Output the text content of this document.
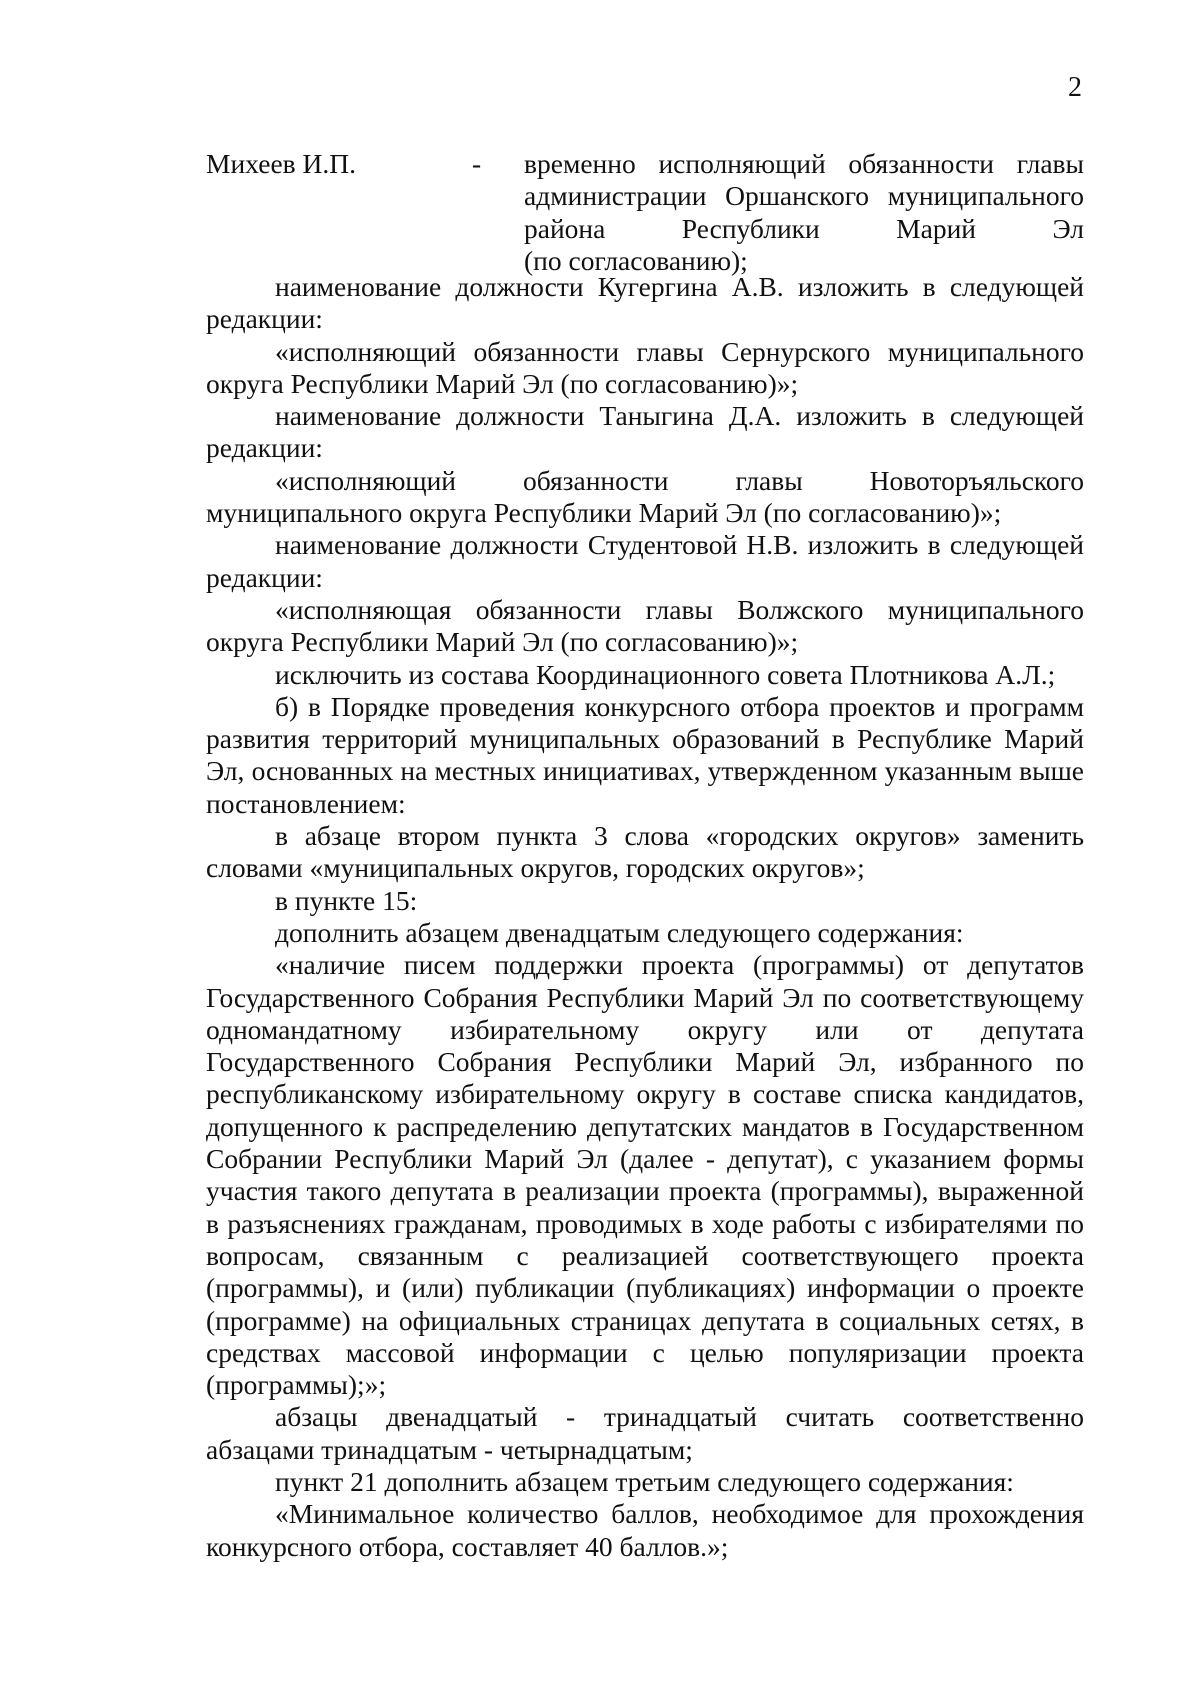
2
Михеев И.П.	- временно исполняющий обязанности главы
администрации Оршанского муниципального
района Республики Марий Эл
(по согласованию);

наименование должности Кугергина А.В. изложить в следующей редакции:

«исполняющий обязанности главы Сернурского муниципального округа Республики Марий Эл (по согласованию)»;

наименование должности Таныгина Д.А. изложить в следующей редакции:

«исполняющий обязанности главы Новоторъяльского муниципального округа Республики Марий Эл (по согласованию)»;

наименование должности Студентовой Н.В. изложить в следующей редакции:

«исполняющая обязанности главы Волжского муниципального округа Республики Марий Эл (по согласованию)»;

исключить из состава Координационного совета Плотникова А.Л.;

б) в Порядке проведения конкурсного отбора проектов и программ развития территорий муниципальных образований в Республике Марий Эл, основанных на местных инициативах, утвержденном указанным выше постановлением:

в абзаце втором пункта 3 слова «городских округов» заменить словами «муниципальных округов, городских округов»;

в пункте 15:

дополнить абзацем двенадцатым следующего содержания:

«наличие писем поддержки проекта (программы) от депутатов Государственного Собрания Республики Марий Эл по соответствующему одномандатному избирательному округу или от депутата Государственного Собрания Республики Марий Эл, избранного по республиканскому избирательному округу в составе списка кандидатов, допущенного к распределению депутатских мандатов в Государственном Собрании Республики Марий Эл (далее - депутат), с указанием формы участия такого депутата в реализации проекта (программы), выраженной в разъяснениях гражданам, проводимых в ходе работы с избирателями по вопросам, связанным с реализацией соответствующего проекта (программы), и (или) публикации (публикациях) информации о проекте (программе) на официальных страницах депутата в социальных сетях, в средствах массовой информации с целью популяризации проекта (программы);»;

абзацы двенадцатый - тринадцатый считать соответственно абзацами тринадцатым - четырнадцатым;

пункт 21 дополнить абзацем третьим следующего содержания:

«Минимальное количество баллов, необходимое для прохождения конкурсного отбора, составляет 40 баллов.»;
